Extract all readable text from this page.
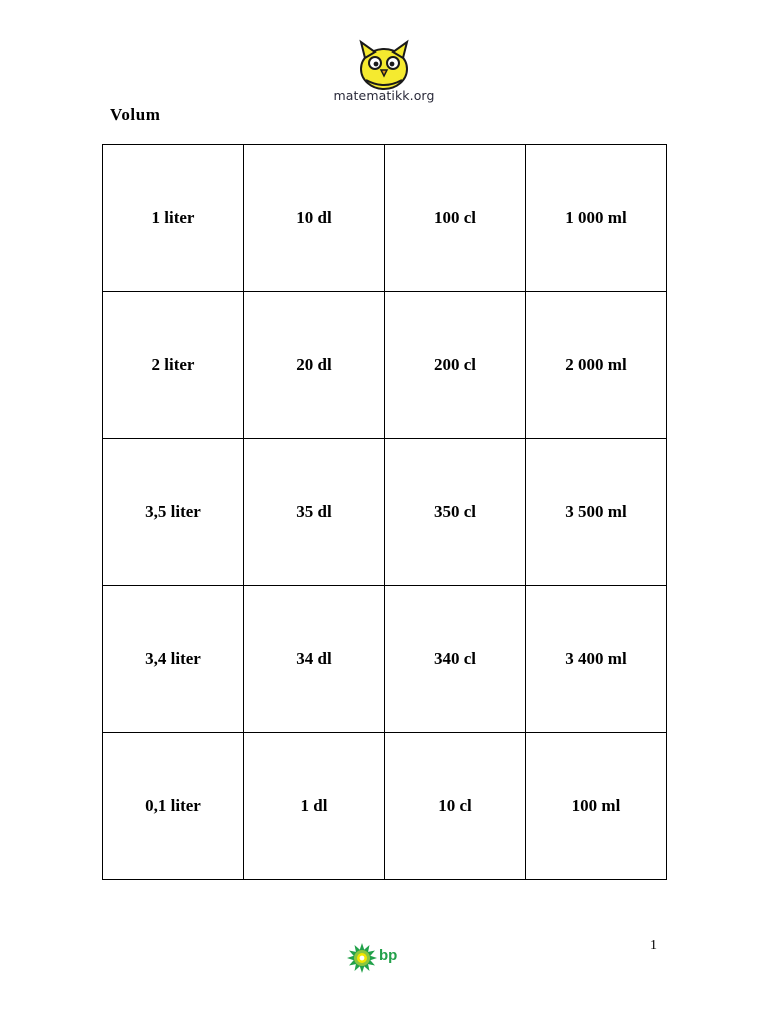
matematikk.org
Volum
1 liter	10 dl	100 cl	1 000 ml
2 liter	20 dl	200 cl	2 000 ml
3,5 liter	35 dl	350 cl	3 500 ml
3,4 liter	34 dl	340 cl	3 400 ml
0,1 liter	1 dl	10 cl	100 ml
1
bp
